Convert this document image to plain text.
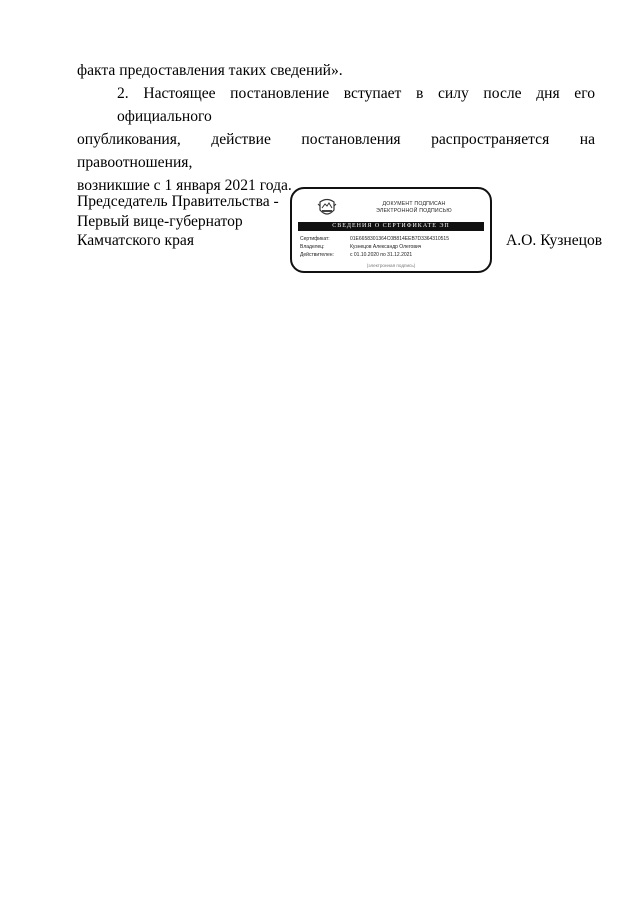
факта предоставления таких сведений».
2. Настоящее постановление вступает в силу после дня его официального
опубликования, действие постановления распространяется на правоотношения,
возникшие с 1 января 2021 года.
Председатель Правительства -
Первый вице-губернатор
Камчатского края
ДОКУМЕНТ ПОДПИСАН
ЭЛЕКТРОННОЙ ПОДПИСЬЮ
СВЕДЕНИЯ О СЕРТИФИКАТЕ ЭП
Сертификат:	01E6658301364C0B814EEB7D3364310515
Владелец:	Кузнецов Александр Олегович
Действителен:	с 01.10.2020 по 31.12.2021
(электронная подпись)
А.О. Кузнецов
